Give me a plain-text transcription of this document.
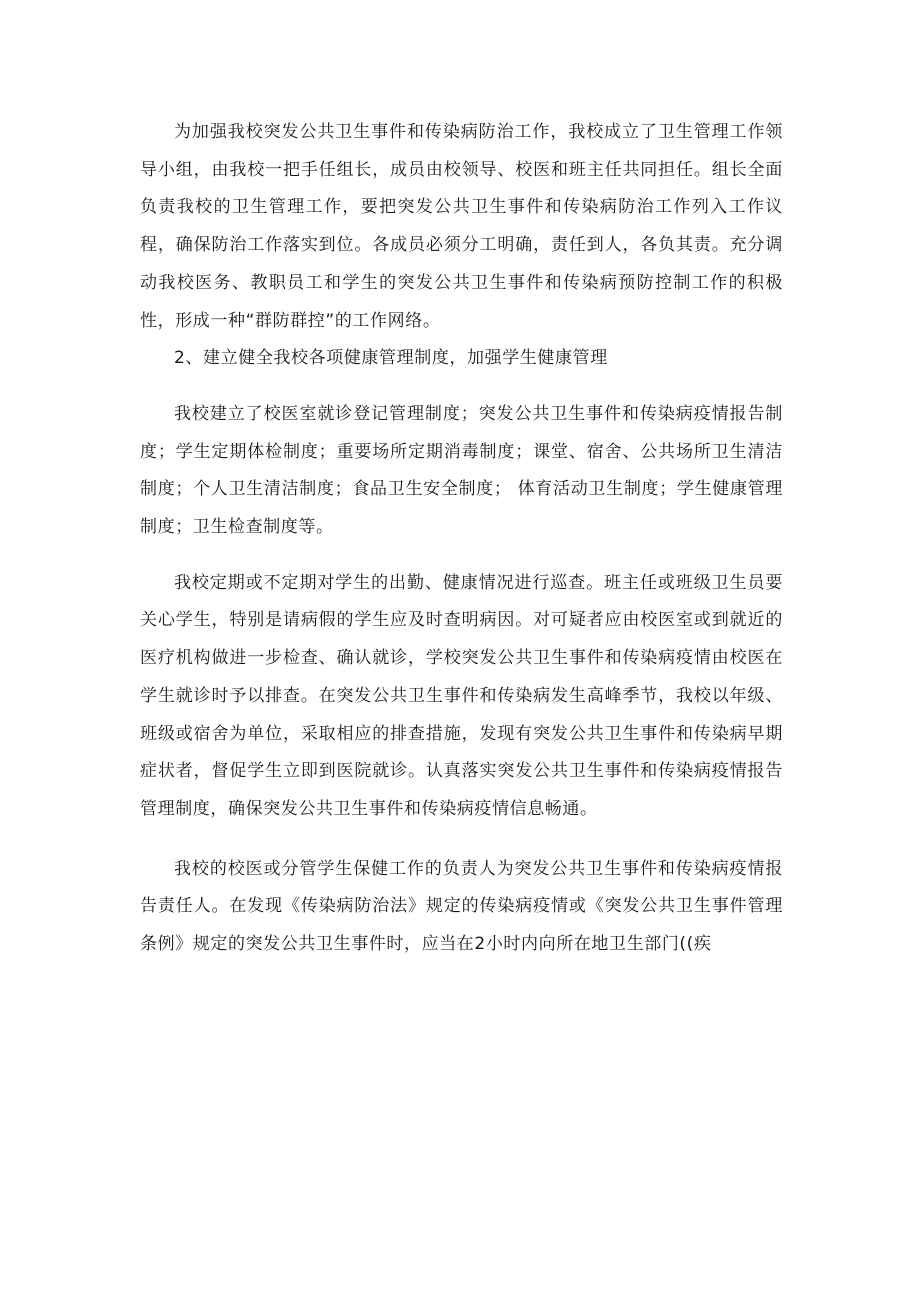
为加强我校突发公共卫生事件和传染病防治工作，我校成立了卫生管理工作领导小组，由我校一把手任组长，成员由校领导、校医和班主任共同担任。组长全面负责我校的卫生管理工作，要把突发公共卫生事件和传染病防治工作列入工作议程，确保防治工作落实到位。各成员必须分工明确，责任到人，各负其责。充分调动我校医务、教职员工和学生的突发公共卫生事件和传染病预防控制工作的积极性，形成一种“群防群控”的工作网络。

2、建立健全我校各项健康管理制度，加强学生健康管理

我校建立了校医室就诊登记管理制度；突发公共卫生事件和传染病疫情报告制度；学生定期体检制度；重要场所定期消毒制度；课堂、宿舍、公共场所卫生清洁制度；个人卫生清洁制度；食品卫生安全制度； 体育活动卫生制度；学生健康管理制度；卫生检查制度等。

我校定期或不定期对学生的出勤、健康情况进行巡查。班主任或班级卫生员要关心学生，特别是请病假的学生应及时查明病因。对可疑者应由校医室或到就近的医疗机构做进一步检查、确认就诊，学校突发公共卫生事件和传染病疫情由校医在学生就诊时予以排查。在突发公共卫生事件和传染病发生高峰季节，我校以年级、班级或宿舍为单位，采取相应的排查措施，发现有突发公共卫生事件和传染病早期症状者，督促学生立即到医院就诊。认真落实突发公共卫生事件和传染病疫情报告管理制度，确保突发公共卫生事件和传染病疫情信息畅通。

我校的校医或分管学生保健工作的负责人为突发公共卫生事件和传染病疫情报告责任人。在发现《传染病防治法》规定的传染病疫情或《突发公共卫生事件管理条例》规定的突发公共卫生事件时，应当在2小时内向所在地卫生部门((疾
